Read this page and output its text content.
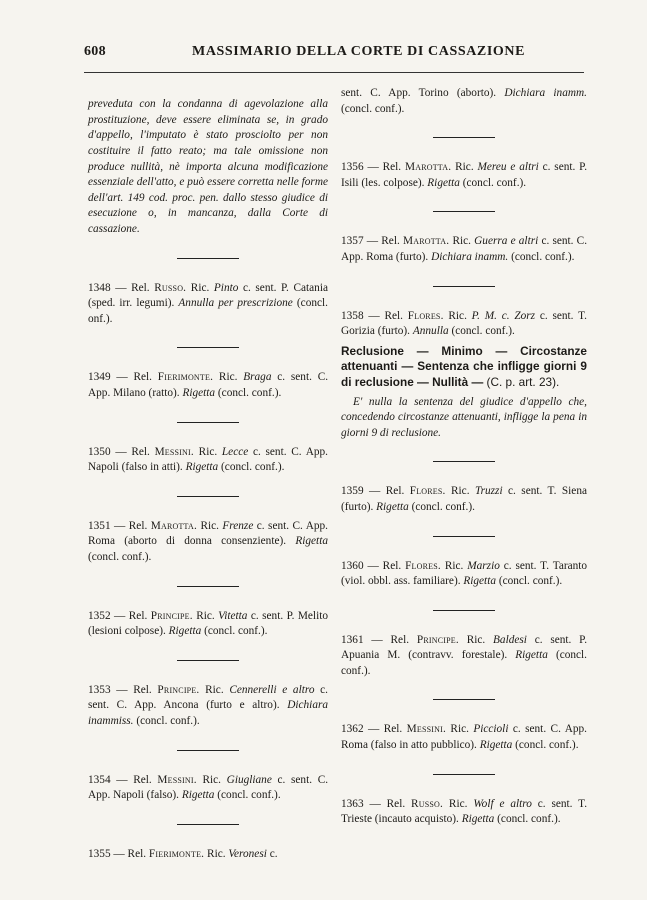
608	MASSIMARIO DELLA CORTE DI CASSAZIONE

preveduta con la condanna di agevolazione alla prostituzione, deve essere eliminata se, in grado d'appello, l'imputato è stato prosciolto per non costituire il fatto reato; ma tale omissione non produce nullità, nè importa alcuna modificazione essenziale dell'atto, e può essere corretta nelle forme dell'art. 149 cod. proc. pen. dallo stesso giudice di esecuzione o, in mancanza, dalla Corte di cassazione.

1348 — Rel. Russo. Ric. Pinto c. sent. P. Catania (sped. irr. legumi). Annulla per prescrizione (concl. onf.).

1349 — Rel. Fierimonte. Ric. Braga c. sent. C. App. Milano (ratto). Rigetta (concl. conf.).

1350 — Rel. Messini. Ric. Lecce c. sent. C. App. Napoli (falso in atti). Rigetta (concl. conf.).

1351 — Rel. Marotta. Ric. Frenze c. sent. C. App. Roma (aborto di donna consenziente). Rigetta (concl. conf.).

1352 — Rel. Principe. Ric. Vitetta c. sent. P. Melito (lesioni colpose). Rigetta (concl. conf.).

1353 — Rel. Principe. Ric. Cennerelli e altro c. sent. C. App. Ancona (furto e altro). Dichiara inammiss. (concl. conf.).

1354 — Rel. Messini. Ric. Giugliane c. sent. C. App. Napoli (falso). Rigetta (concl. conf.).

1355 — Rel. Fierimonte. Ric. Veronesi c.

sent. C. App. Torino (aborto). Dichiara inamm. (concl. conf.).

1356 — Rel. Marotta. Ric. Mereu e altri c. sent. P. Isili (les. colpose). Rigetta (concl. conf.).

1357 — Rel. Marotta. Ric. Guerra e altri c. sent. C. App. Roma (furto). Dichiara inamm. (concl. conf.).

1358 — Rel. Flores. Ric. P. M. c. Zorz c. sent. T. Gorizia (furto). Annulla (concl. conf.).

Reclusione — Minimo — Circostanze attenuanti — Sentenza che infligge giorni 9 di reclusione — Nullità — (C. p. art. 23).

E' nulla la sentenza del giudice d'appello che, concedendo circostanze attenuanti, infligge la pena in giorni 9 di reclusione.

1359 — Rel. Flores. Ric. Truzzi c. sent. T. Siena (furto). Rigetta (concl. conf.).

1360 — Rel. Flores. Ric. Marzio c. sent. T. Taranto (viol. obbl. ass. familiare). Rigetta (concl. conf.).

1361 — Rel. Principe. Ric. Baldesi c. sent. P. Apuania M. (contravv. forestale). Rigetta (concl. conf.).

1362 — Rel. Messini. Ric. Piccioli c. sent. C. App. Roma (falso in atto pubblico). Rigetta (concl. conf.).

1363 — Rel. Russo. Ric. Wolf e altro c. sent. T. Trieste (incauto acquisto). Rigetta (concl. conf.).
